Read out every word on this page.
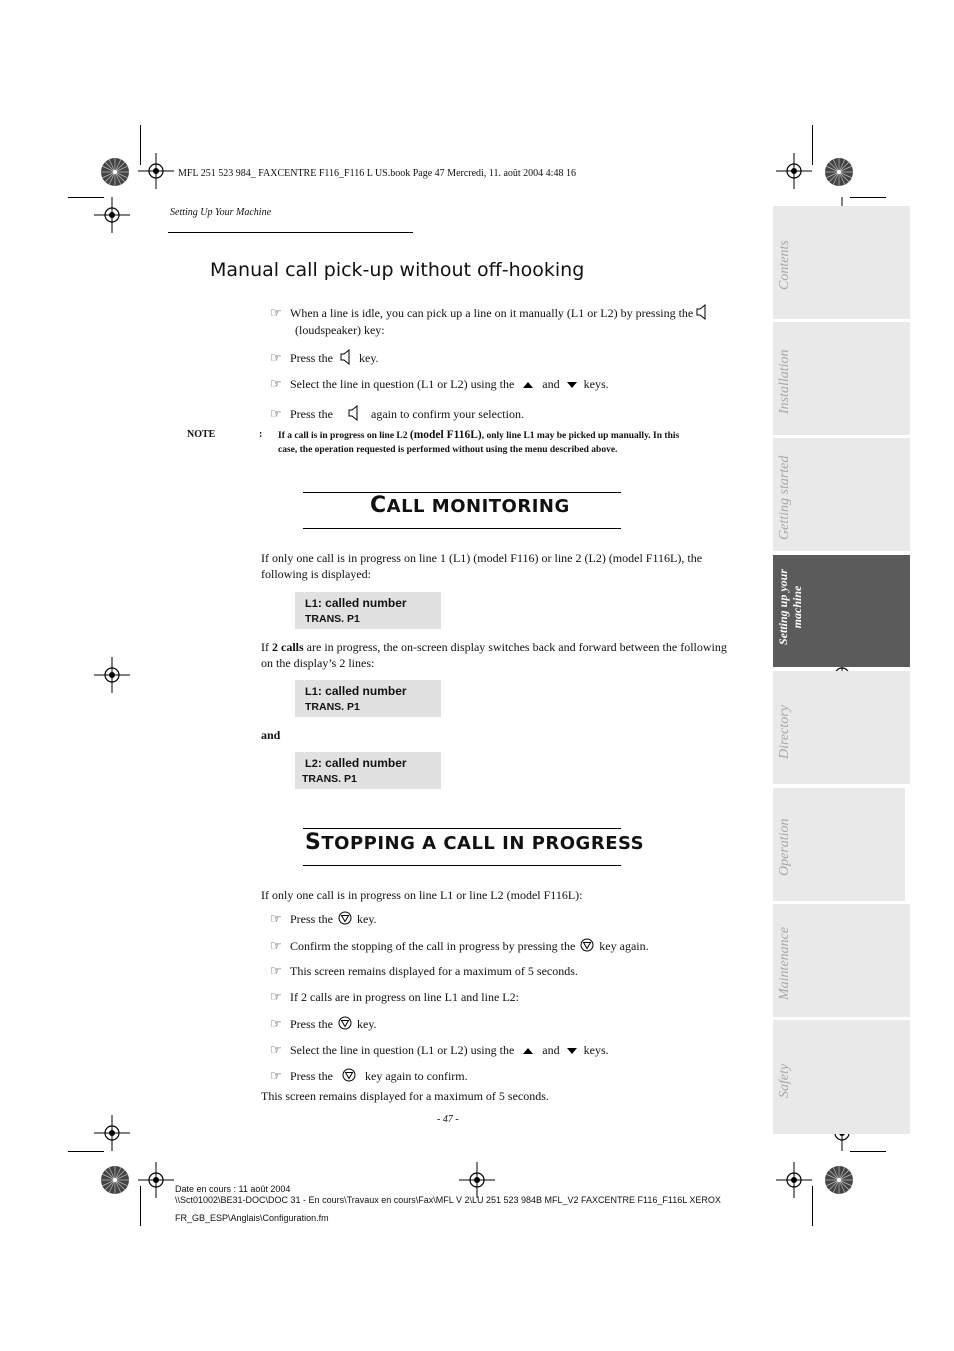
MFL 251 523 984_ FAXCENTRE F116_F116 L US.book Page 47 Mercredi, 11. août 2004 4:48 16
Setting Up Your Machine
Manual call pick-up without off-hooking
☞ When a line is idle, you can pick up a line on it manually (L1 or L2) by pressing the
(loudspeaker) key:
☞ Press the key.
☞ Select the line in question (L1 or L2) using the and keys.
☞ Press the	again to confirm your selection.
NOTE	: If a call is in progress on line L2 (model F116L), only line L1 may be picked up manually. In this
case, the operation requested is performed without using the menu described above.
CALL MONITORING
If only one call is in progress on line 1 (L1) (model F116) or line 2 (L2) (model F116L), the
following is displayed:
L1: called number
TRANS. P1
If 2 calls are in progress, the on-screen display switches back and forward between the following
on the display’s 2 lines:
L1: called number
TRANS. P1
and
L2: called number
TRANS. P1
STOPPING A CALL IN PROGRESS
If only one call is in progress on line L1 or line L2 (model F116L):
☞ Press the key.
☞ Confirm the stopping of the call in progress by pressing the key again.
☞ This screen remains displayed for a maximum of 5 seconds.
☞ If 2 calls are in progress on line L1 and line L2:
☞ Press the key.
☞ Select the line in question (L1 or L2) using the and keys.
☞ Press the	key again to confirm.
This screen remains displayed for a maximum of 5 seconds.
- 47 -
Contents
Installation
Getting started
Setting up your machine
Directory
Operation
Maintenance
Safety
Date en cours : 11 août 2004
\\Sct01002\BE31-DOC\DOC 31 - En cours\Travaux en cours\Fax\MFL V 2\LU 251 523 984B MFL_V2 FAXCENTRE F116_F116L XEROX
FR_GB_ESP\Anglais\Configuration.fm
